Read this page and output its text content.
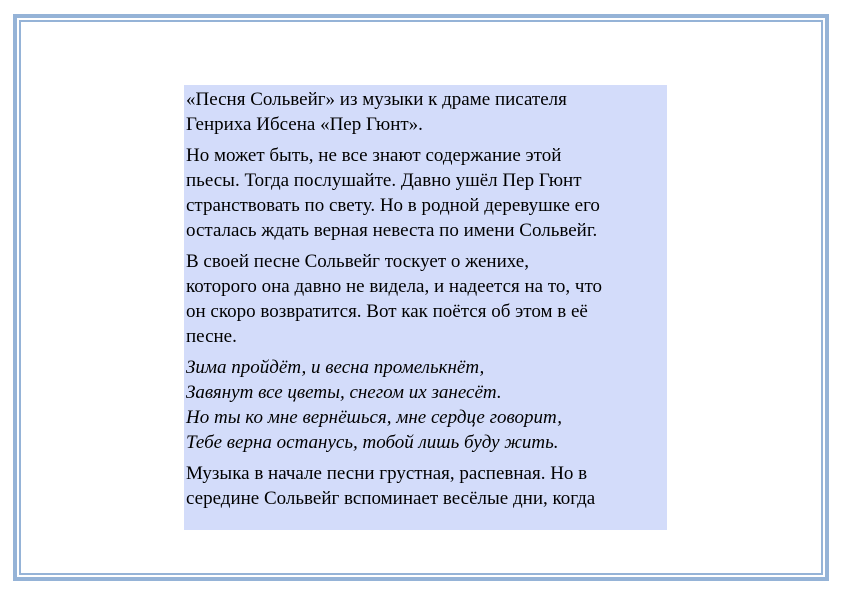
«Песня Сольвейг» из музыки к драме писателя
Генриха Ибсена «Пер Гюнт».

Но может быть, не все знают содержание этой
пьесы. Тогда послушайте. Давно ушёл Пер Гюнт
странствовать по свету. Но в родной деревушке его
осталась ждать верная невеста по имени Сольвейг.

В своей песне Сольвейг тоскует о женихе,
которого она давно не видела, и надеется на то, что
он скоро возвратится. Вот как поётся об этом в её
песне.

Зима пройдёт, и весна промелькнёт,
Завянут все цветы, снегом их занесёт.
Но ты ко мне вернёшься, мне сердце говорит,
Тебе верна останусь, тобой лишь буду жить.

Музыка в начале песни грустная, распевная. Но в
середине Сольвейг вспоминает весёлые дни, когда
